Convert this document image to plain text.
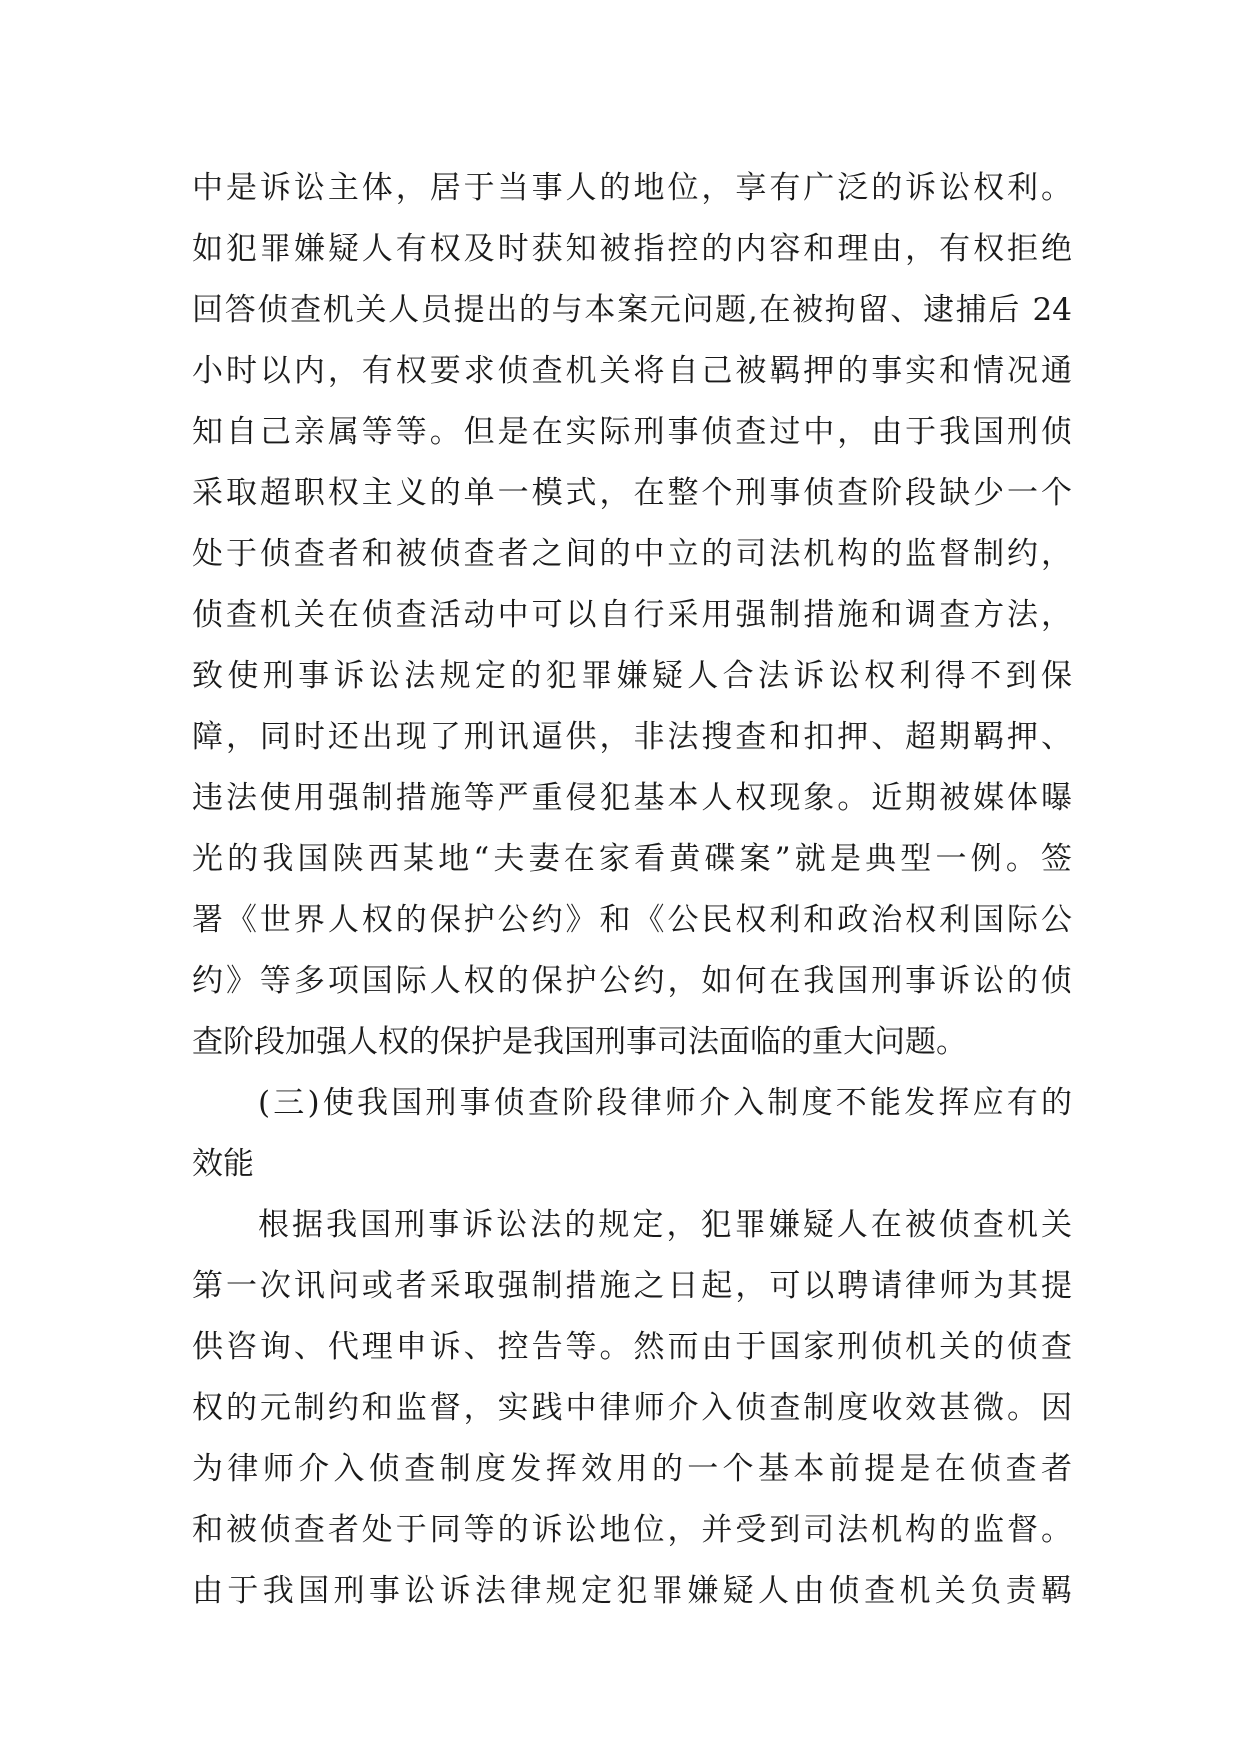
中是诉讼主体，居于当事人的地位，享有广泛的诉讼权利。
如犯罪嫌疑人有权及时获知被指控的内容和理由，有权拒绝
回答侦查机关人员提出的与本案元问题,在被拘留、逮捕后 24
小时以内，有权要求侦查机关将自己被羁押的事实和情况通
知自己亲属等等。但是在实际刑事侦查过中，由于我国刑侦
采取超职权主义的单一模式，在整个刑事侦查阶段缺少一个
处于侦查者和被侦查者之间的中立的司法机构的监督制约，
侦查机关在侦查活动中可以自行采用强制措施和调查方法，
致使刑事诉讼法规定的犯罪嫌疑人合法诉讼权利得不到保
障，同时还出现了刑讯逼供，非法搜查和扣押、超期羁押、
违法使用强制措施等严重侵犯基本人权现象。近期被媒体曝
光的我国陕西某地“夫妻在家看黄碟案”就是典型一例。签
署《世界人权的保护公约》和《公民权利和政治权利国际公
约》等多项国际人权的保护公约，如何在我国刑事诉讼的侦
查阶段加强人权的保护是我国刑事司法面临的重大问题。
(三)使我国刑事侦查阶段律师介入制度不能发挥应有的
效能
根据我国刑事诉讼法的规定，犯罪嫌疑人在被侦查机关
第一次讯问或者采取强制措施之日起，可以聘请律师为其提
供咨询、代理申诉、控告等。然而由于国家刑侦机关的侦查
权的元制约和监督，实践中律师介入侦查制度收效甚微。因
为律师介入侦查制度发挥效用的一个基本前提是在侦查者
和被侦查者处于同等的诉讼地位，并受到司法机构的监督。
由于我国刑事讼诉法律规定犯罪嫌疑人由侦查机关负责羁
